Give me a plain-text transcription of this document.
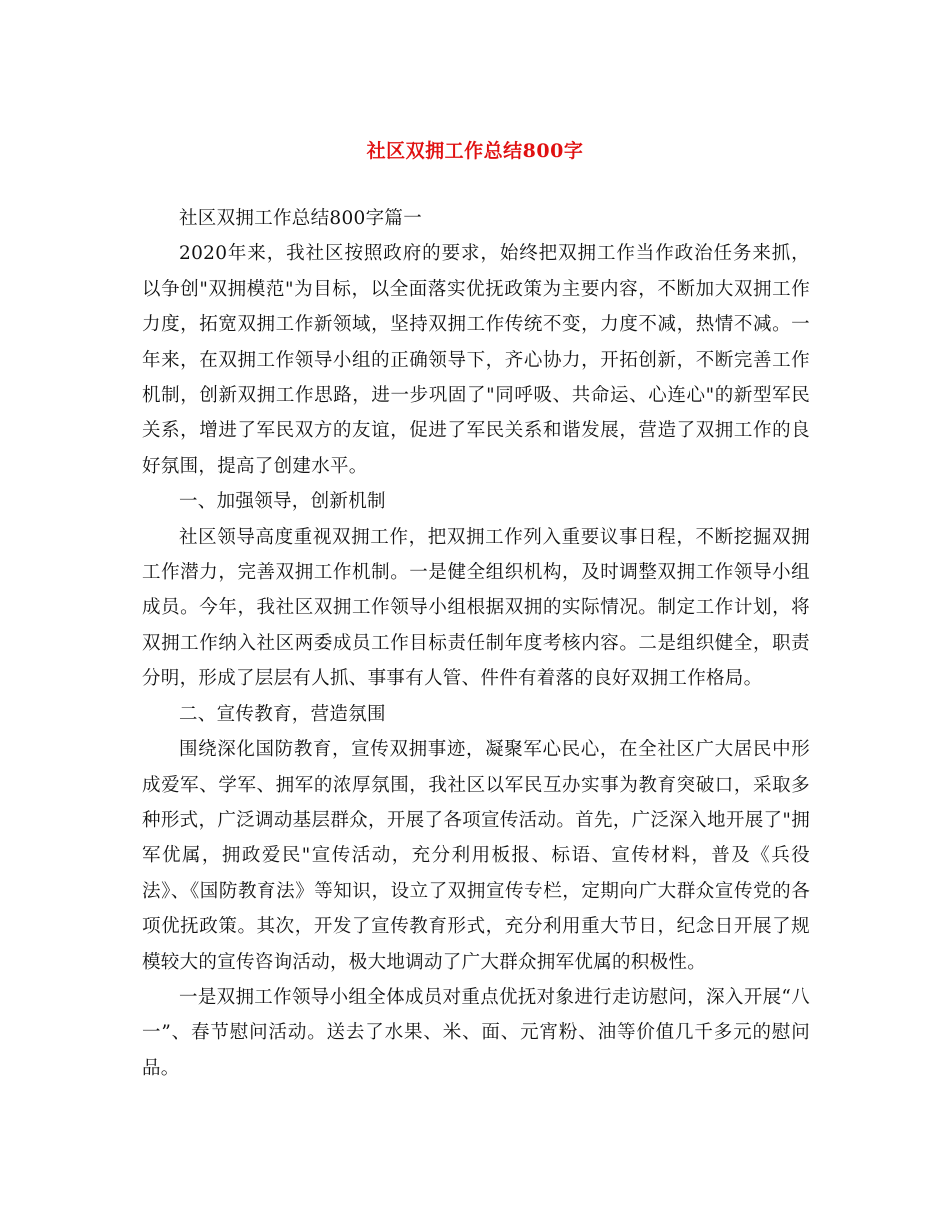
社区双拥工作总结800字

社区双拥工作总结800字篇一

2020年来，我社区按照政府的要求，始终把双拥工作当作政治任务来抓，以争创"双拥模范"为目标，以全面落实优抚政策为主要内容，不断加大双拥工作力度，拓宽双拥工作新领域，坚持双拥工作传统不变，力度不减，热情不减。一年来，在双拥工作领导小组的正确领导下，齐心协力，开拓创新，不断完善工作机制，创新双拥工作思路，进一步巩固了"同呼吸、共命运、心连心"的新型军民关系，增进了军民双方的友谊，促进了军民关系和谐发展，营造了双拥工作的良好氛围，提高了创建水平。

一、加强领导，创新机制

社区领导高度重视双拥工作，把双拥工作列入重要议事日程，不断挖掘双拥工作潜力，完善双拥工作机制。一是健全组织机构，及时调整双拥工作领导小组成员。今年，我社区双拥工作领导小组根据双拥的实际情况。制定工作计划，将双拥工作纳入社区两委成员工作目标责任制年度考核内容。二是组织健全，职责分明，形成了层层有人抓、事事有人管、件件有着落的良好双拥工作格局。

二、宣传教育，营造氛围

围绕深化国防教育，宣传双拥事迹，凝聚军心民心，在全社区广大居民中形成爱军、学军、拥军的浓厚氛围，我社区以军民互办实事为教育突破口，采取多种形式，广泛调动基层群众，开展了各项宣传活动。首先，广泛深入地开展了"拥军优属，拥政爱民"宣传活动，充分利用板报、标语、宣传材料，普及《兵役法》、《国防教育法》等知识，设立了双拥宣传专栏，定期向广大群众宣传党的各项优抚政策。其次，开发了宣传教育形式，充分利用重大节日，纪念日开展了规模较大的宣传咨询活动，极大地调动了广大群众拥军优属的积极性。

一是双拥工作领导小组全体成员对重点优抚对象进行走访慰问，深入开展“八一”、春节慰问活动。送去了水果、米、面、元宵粉、油等价值几千多元的慰问品。
